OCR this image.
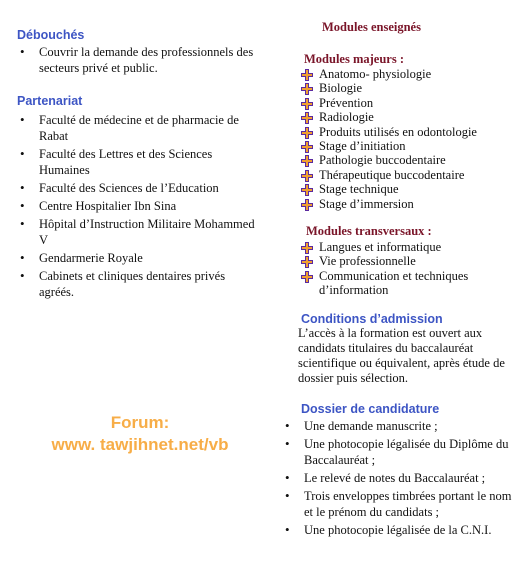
Débouchés
• Couvrir la demande des professionnels des secteurs privé et public.
Partenariat
• Faculté de médecine et de pharmacie de Rabat
• Faculté des Lettres et des Sciences Humaines
• Faculté des Sciences de l’Education
• Centre Hospitalier Ibn Sina
• Hôpital d’Instruction Militaire Mohammed V
• Gendarmerie Royale
• Cabinets et cliniques dentaires privés agréés.
Forum:
www. tawjihnet.net/vb
Modules enseignés
Modules majeurs :
Anatomo- physiologie
Biologie
Prévention
Radiologie
Produits utilisés en odontologie
Stage d’initiation
Pathologie buccodentaire
Thérapeutique buccodentaire
Stage technique
Stage d’immersion
Modules transversaux :
Langues et informatique
Vie professionnelle
Communication et techniques d’information
Conditions d’admission
L’accès à la formation est ouvert aux candidats titulaires du baccalauréat scientifique ou équivalent, après étude de dossier puis sélection.
Dossier de candidature
• Une demande manuscrite ;
• Une photocopie légalisée du Diplôme du Baccalauréat ;
• Le relevé de notes du Baccalauréat ;
• Trois enveloppes timbrées portant le nom et le prénom du candidats ;
• Une photocopie légalisée de la C.N.I.
